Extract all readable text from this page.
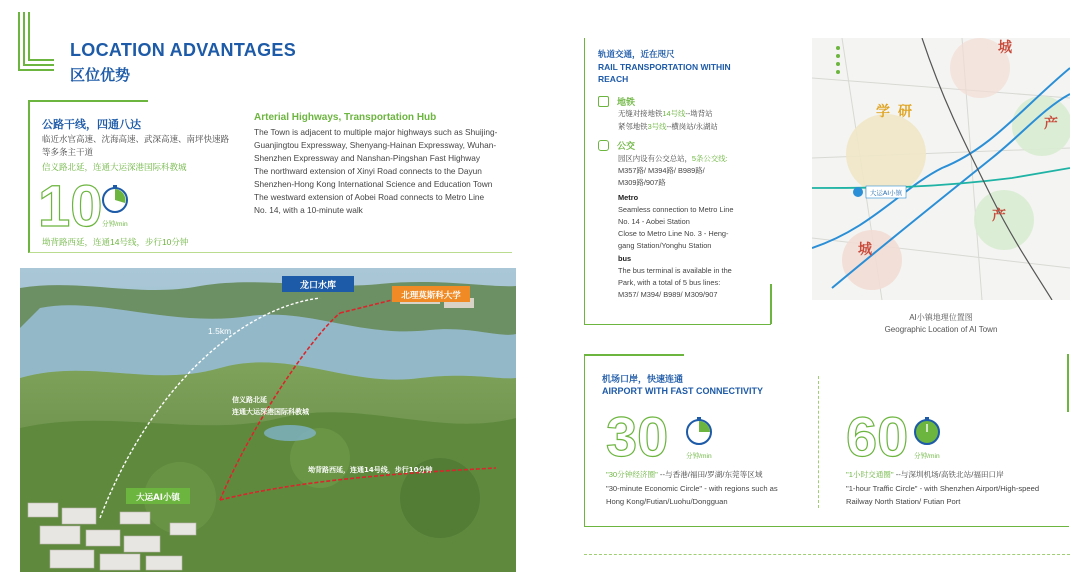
LOCATION ADVANTAGES
区位优势
公路干线，四通八达
临近水官高速、沈海高速、武深高速、南坪快速路等多条主干道
信义路北延，连通大运深港国际科教城
10 分钟/min
坳背路西延，连通14号线，步行10分钟
Arterial Highways, Transportation Hub
The Town is adjacent to multiple major highways such as Shuijing-Guanjingtou Expressway, Shenyang-Hainan Expressway, Wuhan-Shenzhen Expressway and Nanshan-Pingshan Fast Highway
The northward extension of Xinyi Road connects to the Dayun Shenzhen-Hong Kong International Science and Education Town
The westward extension of Aobei Road connects to Metro Line No. 14, with a 10-minute walk
龙口水库
北理莫斯科大学
1.5km
信义路北延
连通大运深港国际科教城
坳背路西延，连通14号线，步行10分钟
大运AI小镇
轨道交通，近在咫尺
RAIL TRANSPORTATION WITHIN REACH
地铁
无缝对接地铁14号线--坳背站
紧邻地铁3号线--横岗站/永湖站
公交
园区内设有公交总站，5条公交线:
M357路/ M394路/ B989路/
M309路/907路
Metro
Seamless connection to Metro Line
No. 14 - Aobei Station
Close to Metro Line No. 3 - Heng-
gang Station/Yonghu Station
bus
The bus terminal is available in the
Park, with a total of 5 bus lines:
M357/ M394/ B989/ M309/907
城
学 研
产
产
城
大运AI小镇
AI小镇地理位置图
Geographic Location of AI Town
机场口岸，快速连通
AIRPORT WITH FAST CONNECTIVITY
30	分钟/min
"30分钟经济圈" --与香港/福田/罗湖/东莞等区域
"30-minute Economic Circle" - with regions such as
Hong Kong/Futian/Luohu/Dongguan
60 分钟/min
"1小时交通圈" --与深圳机场/高铁北站/福田口岸
"1-hour Traffic Circle" - with Shenzhen Airport/High-speed
Railway North Station/ Futian Port
